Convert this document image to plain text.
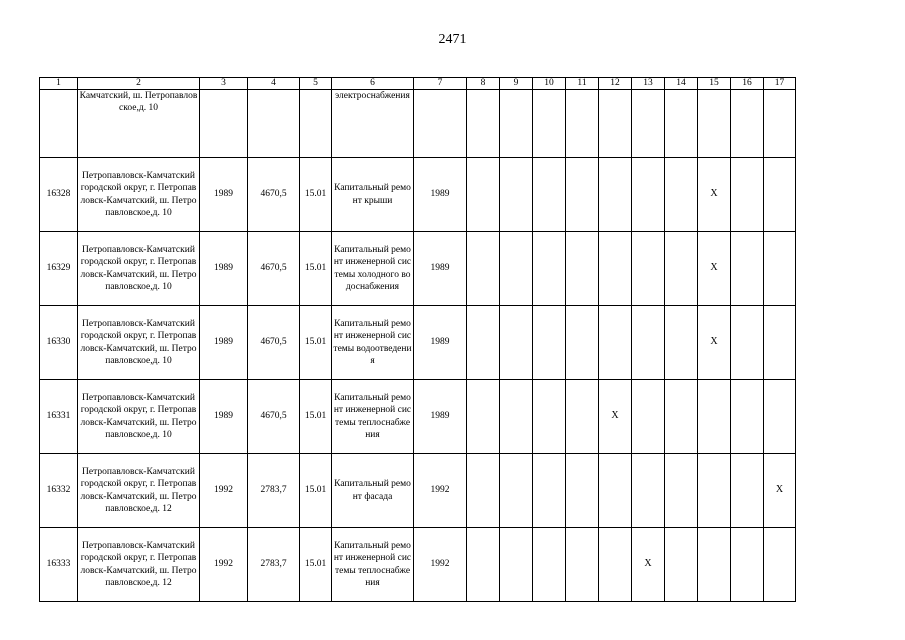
2471
1	2	3	4	5	6	7	8	9	10	11	12	13	14	15	16	17
	Камчатский, ш. Петропавловское,д. 10				электроснабжения											
16328	Петропавловск-Камчатский городской округ, г. Петропавловск-Камчатский, ш. Петропавловское,д. 10	1989	4670,5	15.01	Капитальный ремонт крыши	1989								Х		
16329	Петропавловск-Камчатский городской округ, г. Петропавловск-Камчатский, ш. Петропавловское,д. 10	1989	4670,5	15.01	Капитальный ремонт инженерной системы холодного водоснабжения	1989								Х		
16330	Петропавловск-Камчатский городской округ, г. Петропавловск-Камчатский, ш. Петропавловское,д. 10	1989	4670,5	15.01	Капитальный ремонт инженерной системы водоотведения	1989								Х		
16331	Петропавловск-Камчатский городской округ, г. Петропавловск-Камчатский, ш. Петропавловское,д. 10	1989	4670,5	15.01	Капитальный ремонт инженерной системы теплоснабжения	1989					Х					
16332	Петропавловск-Камчатский городской округ, г. Петропавловск-Камчатский, ш. Петропавловское,д. 12	1992	2783,7	15.01	Капитальный ремонт фасада	1992										Х
16333	Петропавловск-Камчатский городской округ, г. Петропавловск-Камчатский, ш. Петропавловское,д. 12	1992	2783,7	15.01	Капитальный ремонт инженерной системы теплоснабжения	1992						Х				
